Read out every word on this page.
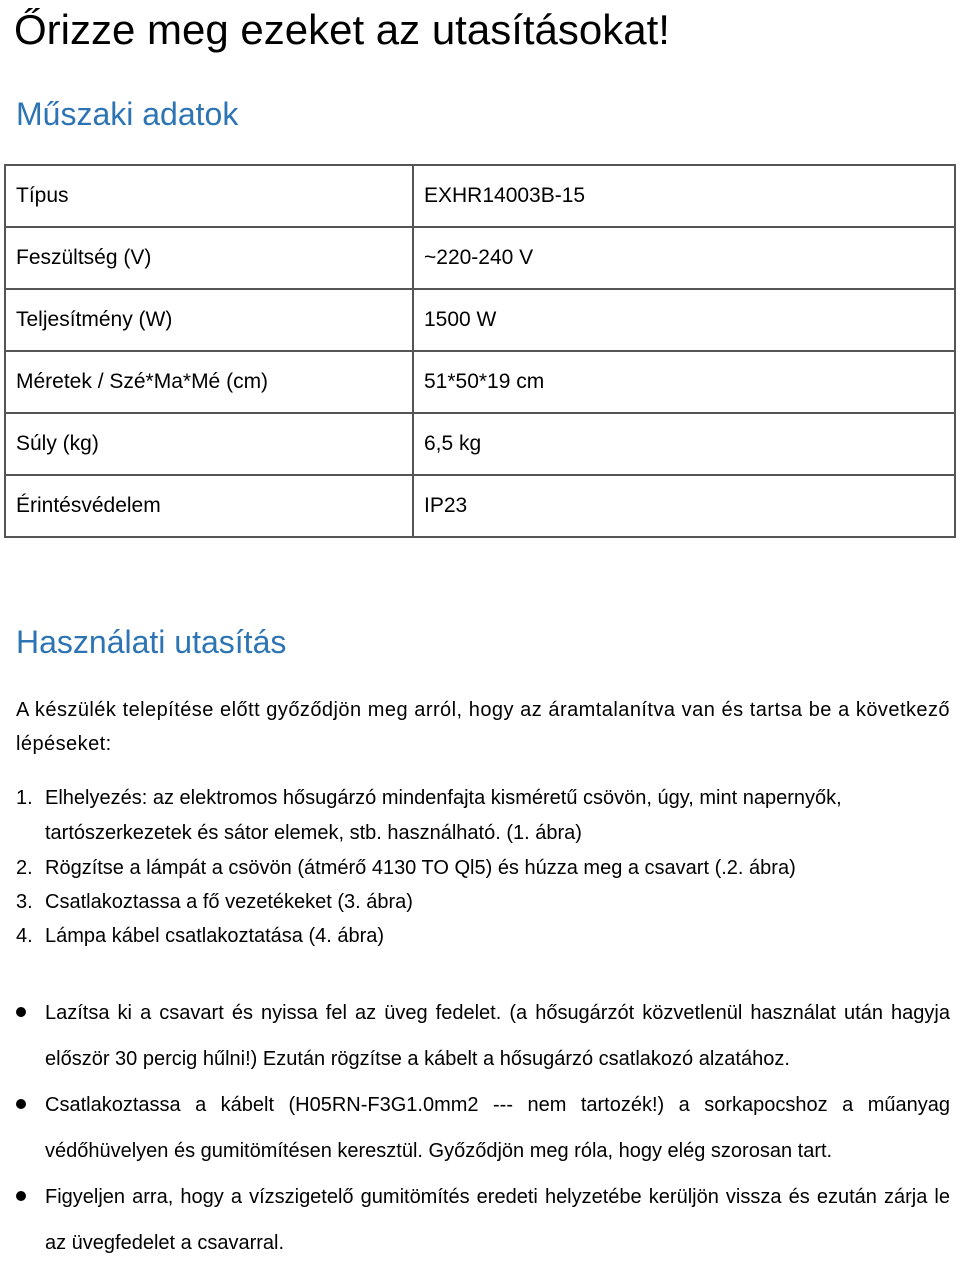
Őrizze meg ezeket az utasításokat!
Műszaki adatok
Típus	EXHR14003B-15
Feszültség (V)	~220-240 V
Teljesítmény (W)	1500 W
Méretek / Szé*Ma*Mé (cm)	51*50*19 cm
Súly (kg)	6,5 kg
Érintésvédelem	IP23
Használati utasítás

A készülék telepítése előtt győződjön meg arról, hogy az áramtalanítva van és tartsa be a következő lépéseket:

1. Elhelyezés: az elektromos hősugárzó mindenfajta kisméretű csövön, úgy, mint napernyők, tartószerkezetek és sátor elemek, stb. használható. (1. ábra)
2. Rögzítse a lámpát a csövön (átmérő 4130 TO Ql5) és húzza meg a csavart (.2. ábra)
3. Csatlakoztassa a fő vezetékeket (3. ábra)
4. Lámpa kábel csatlakoztatása (4. ábra)
Lazítsa ki a csavart és nyissa fel az üveg fedelet. (a hősugárzót közvetlenül használat után hagyja először 30 percig hűlni!) Ezután rögzítse a kábelt a hősugárzó csatlakozó alzatához.
Csatlakoztassa a kábelt (H05RN-F3G1.0mm2 --- nem tartozék!) a sorkapocshoz a műanyag védőhüvelyen és gumitömítésen keresztül. Győződjön meg róla, hogy elég szorosan tart.
Figyeljen arra, hogy a vízszigetelő gumitömítés eredeti helyzetébe kerüljön vissza és ezután zárja le az üvegfedelet a csavarral.
